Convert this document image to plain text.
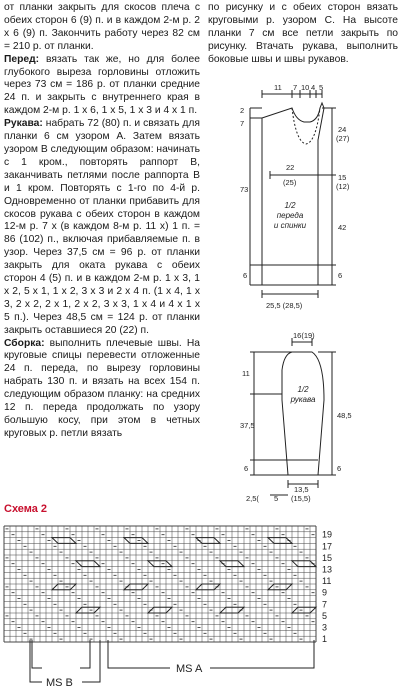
от планки закрыть для скосов плеча с обеих сторон 6 (9) п. и в каждом 2-м р. 2 х 6 (9) п. Закончить работу через 82 см = 210 р. от планки.

Перед: вязать так же, но для более глубокого выреза горловины отложить через 73 см = 186 р. от планки средние 24 п. и закрыть с внутреннего края в каждом 2-м р. 1 х 6, 1 х 5, 1 х 3 и 4 х 1 п.

Рукава: набрать 72 (80) п. и связать для планки 6 см узором А. Затем вязать узором В следующим образом: начинать с 1 кром., повторять раппорт В, заканчивать петлями после раппорта В и 1 кром. Повторять с 1-го по 4-й р. Одновременно от планки прибавить для скосов рукава с обеих сторон в каждом 12-м р. 7 х (в каждом 8-м р. 11 х) 1 п. = 86 (102) п., включая прибавляемые п. в узор. Через 37,5 см = 96 р. от планки закрыть для оката рукава с обеих сторон 4 (5) п. и в каждом 2-м р. 1 х 3, 1 х 2, 5 х 1, 1 х 2, 3 х 3 и 2 х 4 п. (1 х 4, 1 х 3, 2 х 2, 2 х 1, 2 х 2, 3 х 3, 1 х 4 и 4 х 1 х 5 п.). Через 48,5 см = 124 р. от планки закрыть оставшиеся 20 (22) п.

Сборка: выполнить плечевые швы. На круговые спицы перевести отложенные 24 п. переда, по вырезу горловины набрать 130 п. и вязать на всех 154 п. следующим образом планку: на средних 12 п. переда продолжать по узору большую косу, при этом в четных круговых р. петли вязать

по рисунку и с обеих сторон вязать круговыми р. узором С. На высоте планки 7 см все петли закрыть по рисунку. Втачать рукава, выполнить боковые швы и швы рукавов.

11 7 10 4 5
2
7
73
6
24
(27)
22
(25)
15
(12)
42
6
25,5 (28,5)
1/2
переда
и спинки
16(19)
11
37,5
6
48,5
6
13,5
(15,5)
2,5( 5
1/2
рукава
Схема 2
19
17
15
13
11
9
7
5
3
1
MS A
MS B
